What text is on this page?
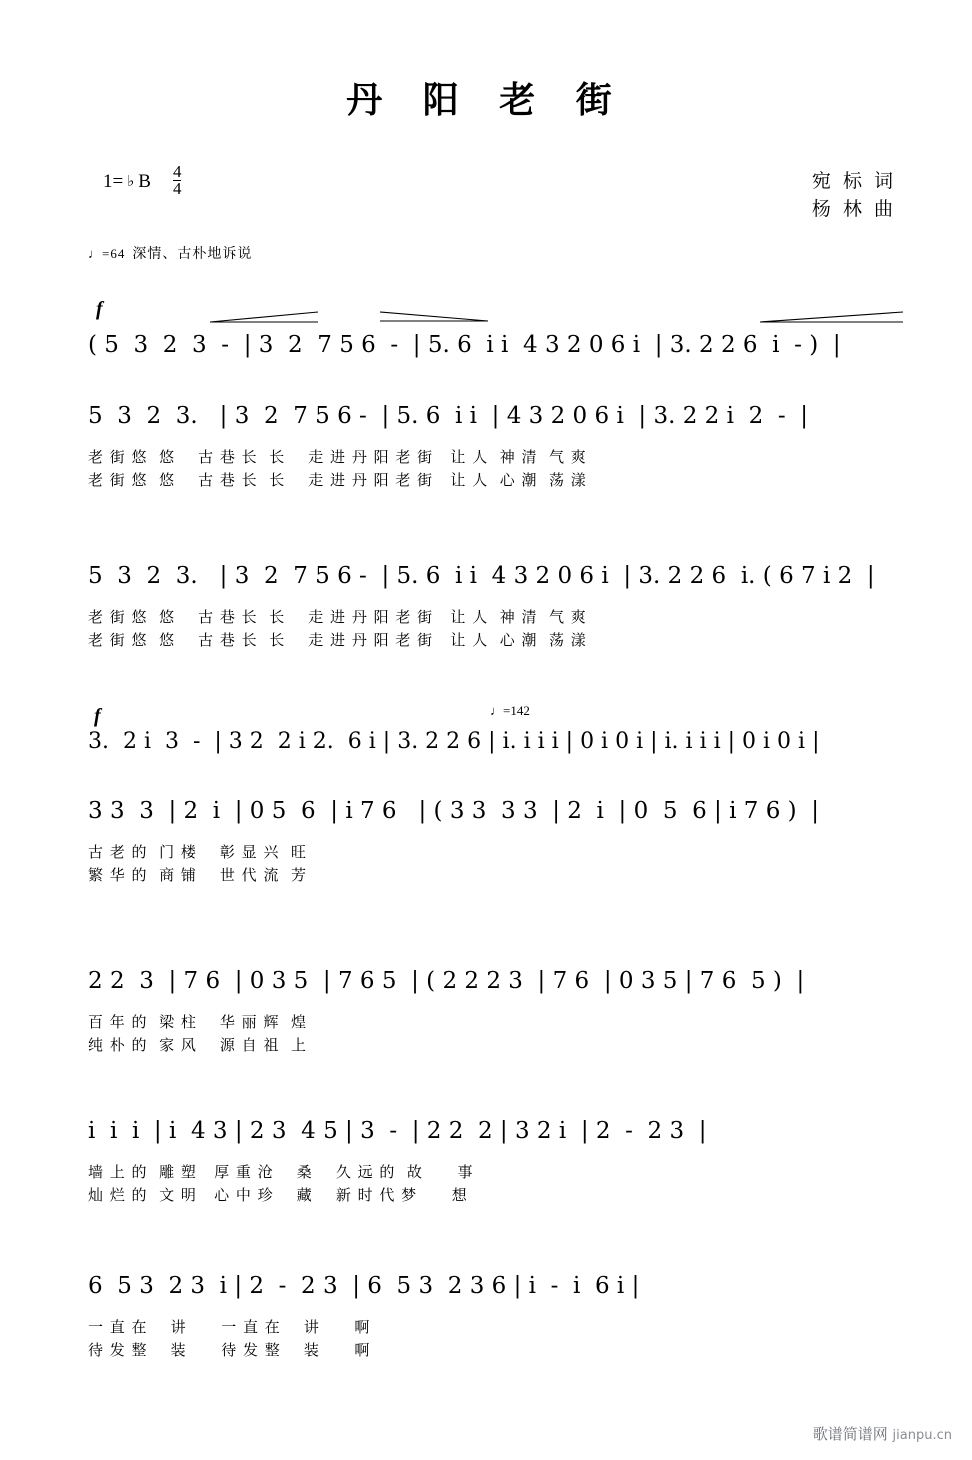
丹 阳 老 街
1= ♭ B $\frac{4}{4}$	宛 标 词
杨 林 曲
♩=64 深情、古朴地诉说
f
( 5  3  2  3  -  | 3  2  7 5 6  -  | 5. 6  i i  4 3 2 0 6 i  | 3. 2 2 6  i  - )  |
5  3  2  3.   | 3  2  7 5 6 -  | 5. 6  i i  | 4 3 2 0 6 i  | 3. 2 2 i  2  -  |
老 街 悠  悠    古 巷 长  长    走 进 丹 阳 老 街   让 人  神 清  气 爽
老 街 悠  悠    古 巷 长  长    走 进 丹 阳 老 街   让 人  心 潮  荡 漾
5  3  2  3.   | 3  2  7 5 6 -  | 5. 6  i i  4 3 2 0 6 i  | 3. 2 2 6  i. ( 6 7 i 2  |
老 街 悠  悠    古 巷 长  长    走 进 丹 阳 老 街   让 人  神 清  气 爽
老 街 悠  悠    古 巷 长  长    走 进 丹 阳 老 街   让 人  心 潮  荡 漾
f	♩=142
3.  2 i  3  -  | 3 2  2 i 2.  6 i | 3. 2 2 6 | i. i i i | 0 i 0 i | i. i i i | 0 i 0 i |
3 3  3  | 2  i  | 0 5  6  | i 7 6   | ( 3 3  3 3  | 2  i  | 0  5  6 | i 7 6 )  |
古 老 的  门 楼    彰 显 兴  旺
繁 华 的  商 铺    世 代 流  芳
2 2  3  | 7 6  | 0 3 5  | 7 6 5  | ( 2 2 2 3  | 7 6  | 0 3 5 | 7 6  5 )  |
百 年 的  梁 柱    华 丽 辉  煌
纯 朴 的  家 风    源 自 祖  上
i  i  i  | i  4 3 | 2 3  4 5 | 3  -  | 2 2  2 | 3 2 i  | 2  -  2 3  |
墙 上 的  雕 塑   厚 重 沧    桑    久 远 的  故      事
灿 烂 的  文 明   心 中 珍    藏    新 时 代 梦      想
6  5 3  2 3  i | 2  -  2 3  | 6  5 3  2 3 6 | i  -  i  6 i |
一 直 在    讲      一 直 在    讲      啊
待 发 整    装      待 发 整    装      啊
歌谱简谱网 jianpu.cn
